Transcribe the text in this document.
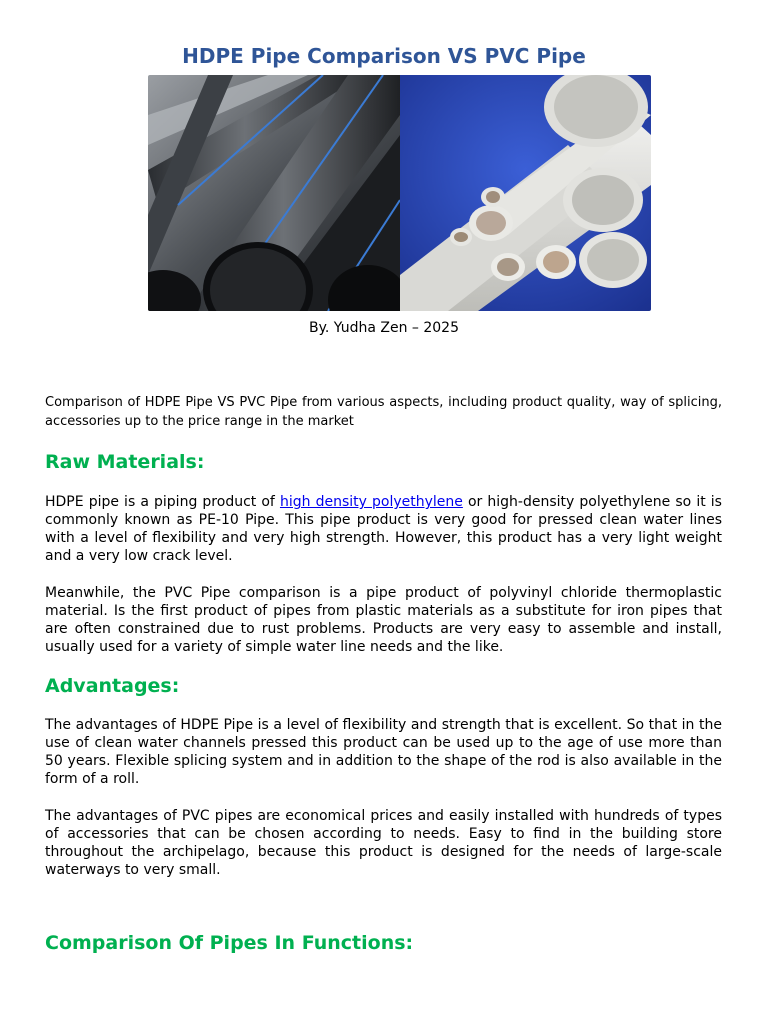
HDPE Pipe Comparison VS PVC Pipe
By. Yudha Zen – 2025

Comparison of HDPE Pipe VS PVC Pipe from various aspects, including product quality, way of splicing, accessories up to the price range in the market

Raw Materials:

HDPE pipe is a piping product of high density polyethylene or high-density polyethylene so it is commonly known as PE-10 Pipe. This pipe product is very good for pressed clean water lines with a level of flexibility and very high strength. However, this product has a very light weight and a very low crack level.

Meanwhile, the PVC Pipe comparison is a pipe product of polyvinyl chloride thermoplastic material. Is the first product of pipes from plastic materials as a substitute for iron pipes that are often constrained due to rust problems. Products are very easy to assemble and install, usually used for a variety of simple water line needs and the like.

Advantages:

The advantages of HDPE Pipe is a level of flexibility and strength that is excellent. So that in the use of clean water channels pressed this product can be used up to the age of use more than 50 years. Flexible splicing system and in addition to the shape of the rod is also available in the form of a roll.

The advantages of PVC pipes are economical prices and easily installed with hundreds of types of accessories that can be chosen according to needs. Easy to find in the building store throughout the archipelago, because this product is designed for the needs of large-scale waterways to very small.

Comparison Of Pipes In Functions:
